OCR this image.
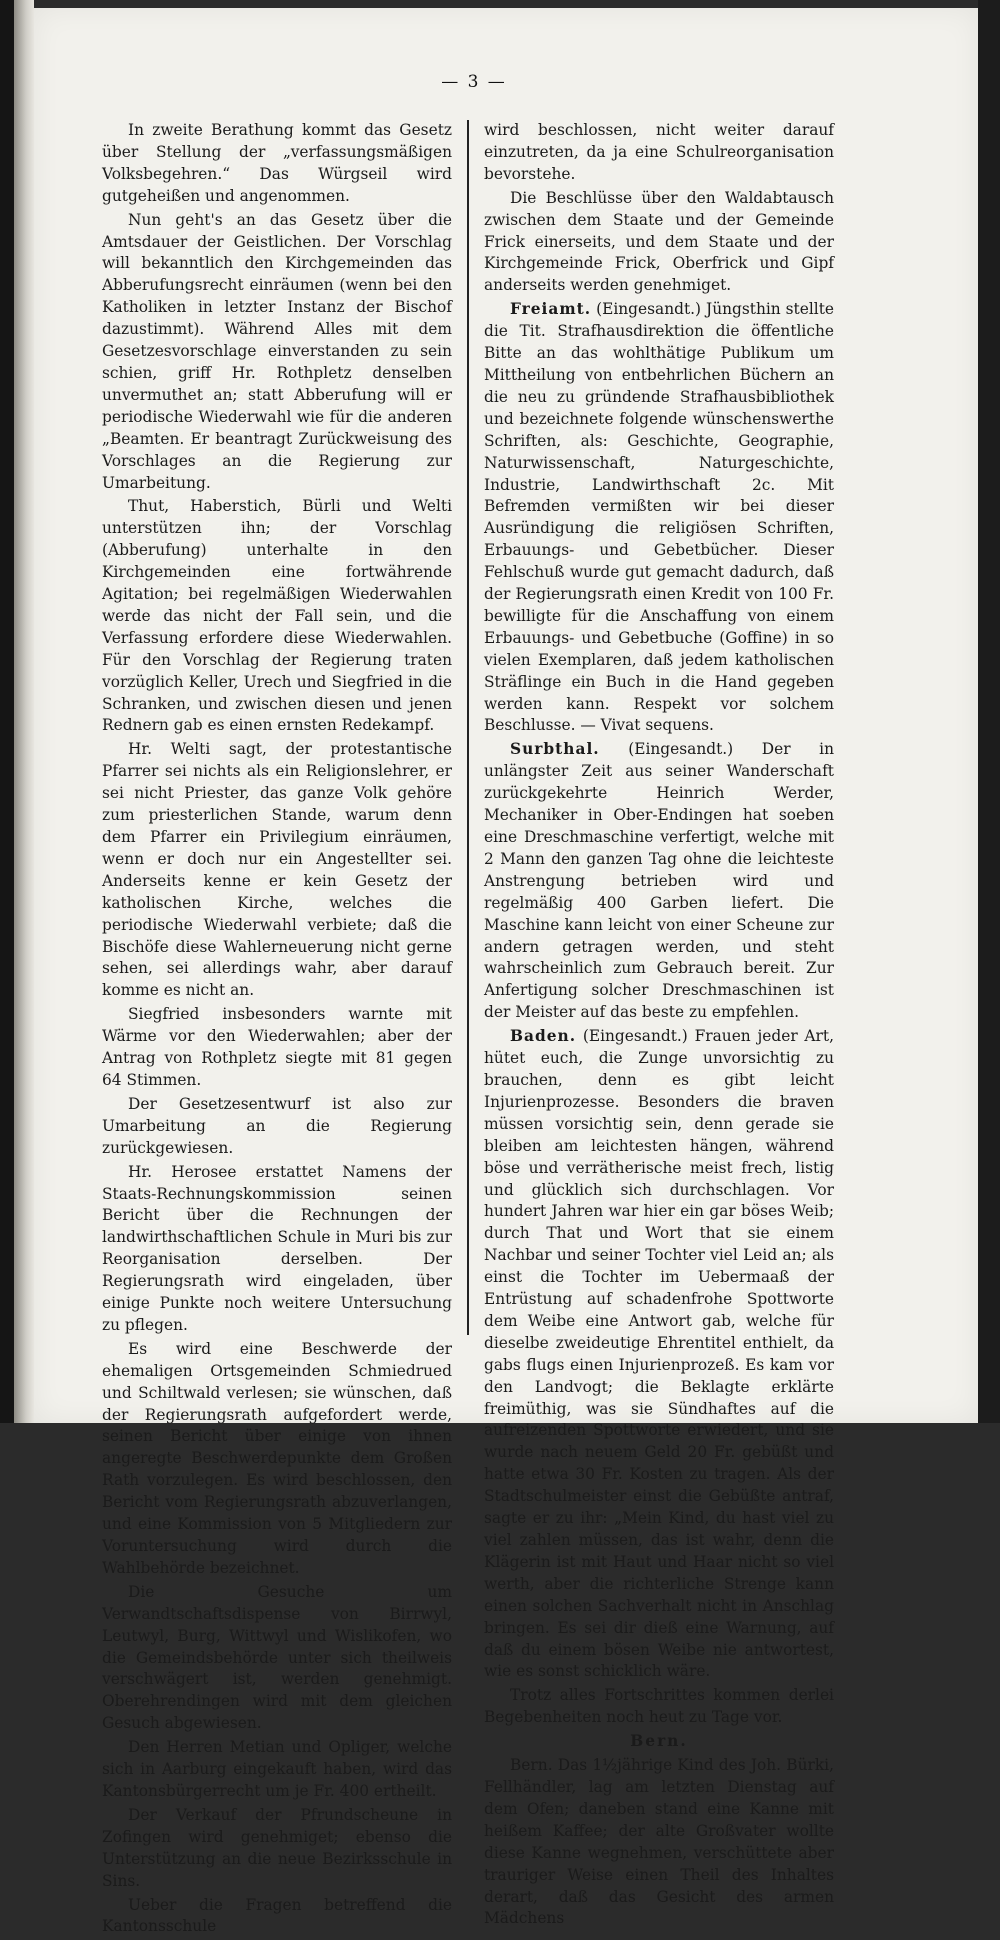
— 3 —

In zweite Berathung kommt das Gesetz über Stellung der „verfassungsmäßigen Volksbegehren.“ Das Würgseil wird gutgeheißen und angenommen.

Nun geht's an das Gesetz über die Amtsdauer der Geistlichen. Der Vorschlag will bekanntlich den Kirchgemeinden das Abberufungsrecht einräumen (wenn bei den Katholiken in letzter Instanz der Bischof dazustimmt). Während Alles mit dem Gesetzesvorschlage einverstanden zu sein schien, griff Hr. Rothpletz denselben unvermuthet an; statt Abberufung will er periodische Wiederwahl wie für die anderen „Beamten. Er beantragt Zurückweisung des Vorschlages an die Regierung zur Umarbeitung.

Thut, Haberstich, Bürli und Welti unterstützen ihn; der Vorschlag (Abberufung) unterhalte in den Kirchgemeinden eine fortwährende Agitation; bei regelmäßigen Wiederwahlen werde das nicht der Fall sein, und die Verfassung erfordere diese Wiederwahlen. Für den Vorschlag der Regierung traten vorzüglich Keller, Urech und Siegfried in die Schranken, und zwischen diesen und jenen Rednern gab es einen ernsten Redekampf.

Hr. Welti sagt, der protestantische Pfarrer sei nichts als ein Religionslehrer, er sei nicht Priester, das ganze Volk gehöre zum priesterlichen Stande, warum denn dem Pfarrer ein Privilegium einräumen, wenn er doch nur ein Angestellter sei. Anderseits kenne er kein Gesetz der katholischen Kirche, welches die periodische Wiederwahl verbiete; daß die Bischöfe diese Wahlerneuerung nicht gerne sehen, sei allerdings wahr, aber darauf komme es nicht an.

Siegfried insbesonders warnte mit Wärme vor den Wiederwahlen; aber der Antrag von Rothpletz siegte mit 81 gegen 64 Stimmen.

Der Gesetzesentwurf ist also zur Umarbeitung an die Regierung zurückgewiesen.

Hr. Herosee erstattet Namens der Staats-Rechnungskommission seinen Bericht über die Rechnungen der landwirthschaftlichen Schule in Muri bis zur Reorganisation derselben. Der Regierungsrath wird eingeladen, über einige Punkte noch weitere Untersuchung zu pflegen.

Es wird eine Beschwerde der ehemaligen Ortsgemeinden Schmiedrued und Schiltwald verlesen; sie wünschen, daß der Regierungsrath aufgefordert werde, seinen Bericht über einige von ihnen angeregte Beschwerdepunkte dem Großen Rath vorzulegen. Es wird beschlossen, den Bericht vom Regierungsrath abzuverlangen, und eine Kommission von 5 Mitgliedern zur Voruntersuchung wird durch die Wahlbehörde bezeichnet.

Die Gesuche um Verwandtschaftsdispense von Birrwyl, Leutwyl, Burg, Wittwyl und Wislikofen, wo die Gemeindsbehörde unter sich theilweis verschwägert ist, werden genehmigt. Oberehrendingen wird mit dem gleichen Gesuch abgewiesen.

Den Herren Metian und Opliger, welche sich in Aarburg eingekauft haben, wird das Kantonsbürgerrecht um je Fr. 400 ertheilt.

Der Verkauf der Pfrundscheune in Zofingen wird genehmiget; ebenso die Unterstützung an die neue Bezirksschule in Sins.

Ueber die Fragen betreffend die Kantonsschule

wird beschlossen, nicht weiter darauf einzutreten, da ja eine Schulreorganisation bevorstehe.

Die Beschlüsse über den Waldabtausch zwischen dem Staate und der Gemeinde Frick einerseits, und dem Staate und der Kirchgemeinde Frick, Oberfrick und Gipf anderseits werden genehmiget.

Freiamt. (Eingesandt.) Jüngsthin stellte die Tit. Strafhausdirektion die öffentliche Bitte an das wohlthätige Publikum um Mittheilung von entbehrlichen Büchern an die neu zu gründende Strafhausbibliothek und bezeichnete folgende wünschenswerthe Schriften, als: Geschichte, Geographie, Naturwissenschaft, Naturgeschichte, Industrie, Landwirthschaft 2c. Mit Befremden vermißten wir bei dieser Ausründigung die religiösen Schriften, Erbauungs- und Gebetbücher. Dieser Fehlschuß wurde gut gemacht dadurch, daß der Regierungsrath einen Kredit von 100 Fr. bewilligte für die Anschaffung von einem Erbauungs- und Gebetbuche (Goffine) in so vielen Exemplaren, daß jedem katholischen Sträflinge ein Buch in die Hand gegeben werden kann. Respekt vor solchem Beschlusse. — Vivat sequens.

Surbthal. (Eingesandt.) Der in unlängster Zeit aus seiner Wanderschaft zurückgekehrte Heinrich Werder, Mechaniker in Ober-Endingen hat soeben eine Dreschmaschine verfertigt, welche mit 2 Mann den ganzen Tag ohne die leichteste Anstrengung betrieben wird und regelmäßig 400 Garben liefert. Die Maschine kann leicht von einer Scheune zur andern getragen werden, und steht wahrscheinlich zum Gebrauch bereit. Zur Anfertigung solcher Dreschmaschinen ist der Meister auf das beste zu empfehlen.

Baden. (Eingesandt.) Frauen jeder Art, hütet euch, die Zunge unvorsichtig zu brauchen, denn es gibt leicht Injurienprozesse. Besonders die braven müssen vorsichtig sein, denn gerade sie bleiben am leichtesten hängen, während böse und verrätherische meist frech, listig und glücklich sich durchschlagen. Vor hundert Jahren war hier ein gar böses Weib; durch That und Wort that sie einem Nachbar und seiner Tochter viel Leid an; als einst die Tochter im Uebermaaß der Entrüstung auf schadenfrohe Spottworte dem Weibe eine Antwort gab, welche für dieselbe zweideutige Ehrentitel enthielt, da gabs flugs einen Injurienprozeß. Es kam vor den Landvogt; die Beklagte erklärte freimüthig, was sie Sündhaftes auf die aufreizenden Spottworte erwiedert, und sie wurde nach neuem Geld 20 Fr. gebüßt und hatte etwa 30 Fr. Kosten zu tragen. Als der Stadtschulmeister einst die Gebüßte antraf, sagte er zu ihr: „Mein Kind, du hast viel zu viel zahlen müssen, das ist wahr, denn die Klägerin ist mit Haut und Haar nicht so viel werth, aber die richterliche Strenge kann einen solchen Sachverhalt nicht in Anschlag bringen. Es sei dir dieß eine Warnung, auf daß du einem bösen Weibe nie antwortest, wie es sonst schicklich wäre.

Trotz alles Fortschrittes kommen derlei Begebenheiten noch heut zu Tage vor.

Bern.

Bern. Das 1½jährige Kind des Joh. Bürki, Fellhändler, lag am letzten Dienstag auf dem Ofen; daneben stand eine Kanne mit heißem Kaffee; der alte Großvater wollte diese Kanne wegnehmen, verschüttete aber trauriger Weise einen Theil des Inhaltes derart, daß das Gesicht des armen Mädchens
